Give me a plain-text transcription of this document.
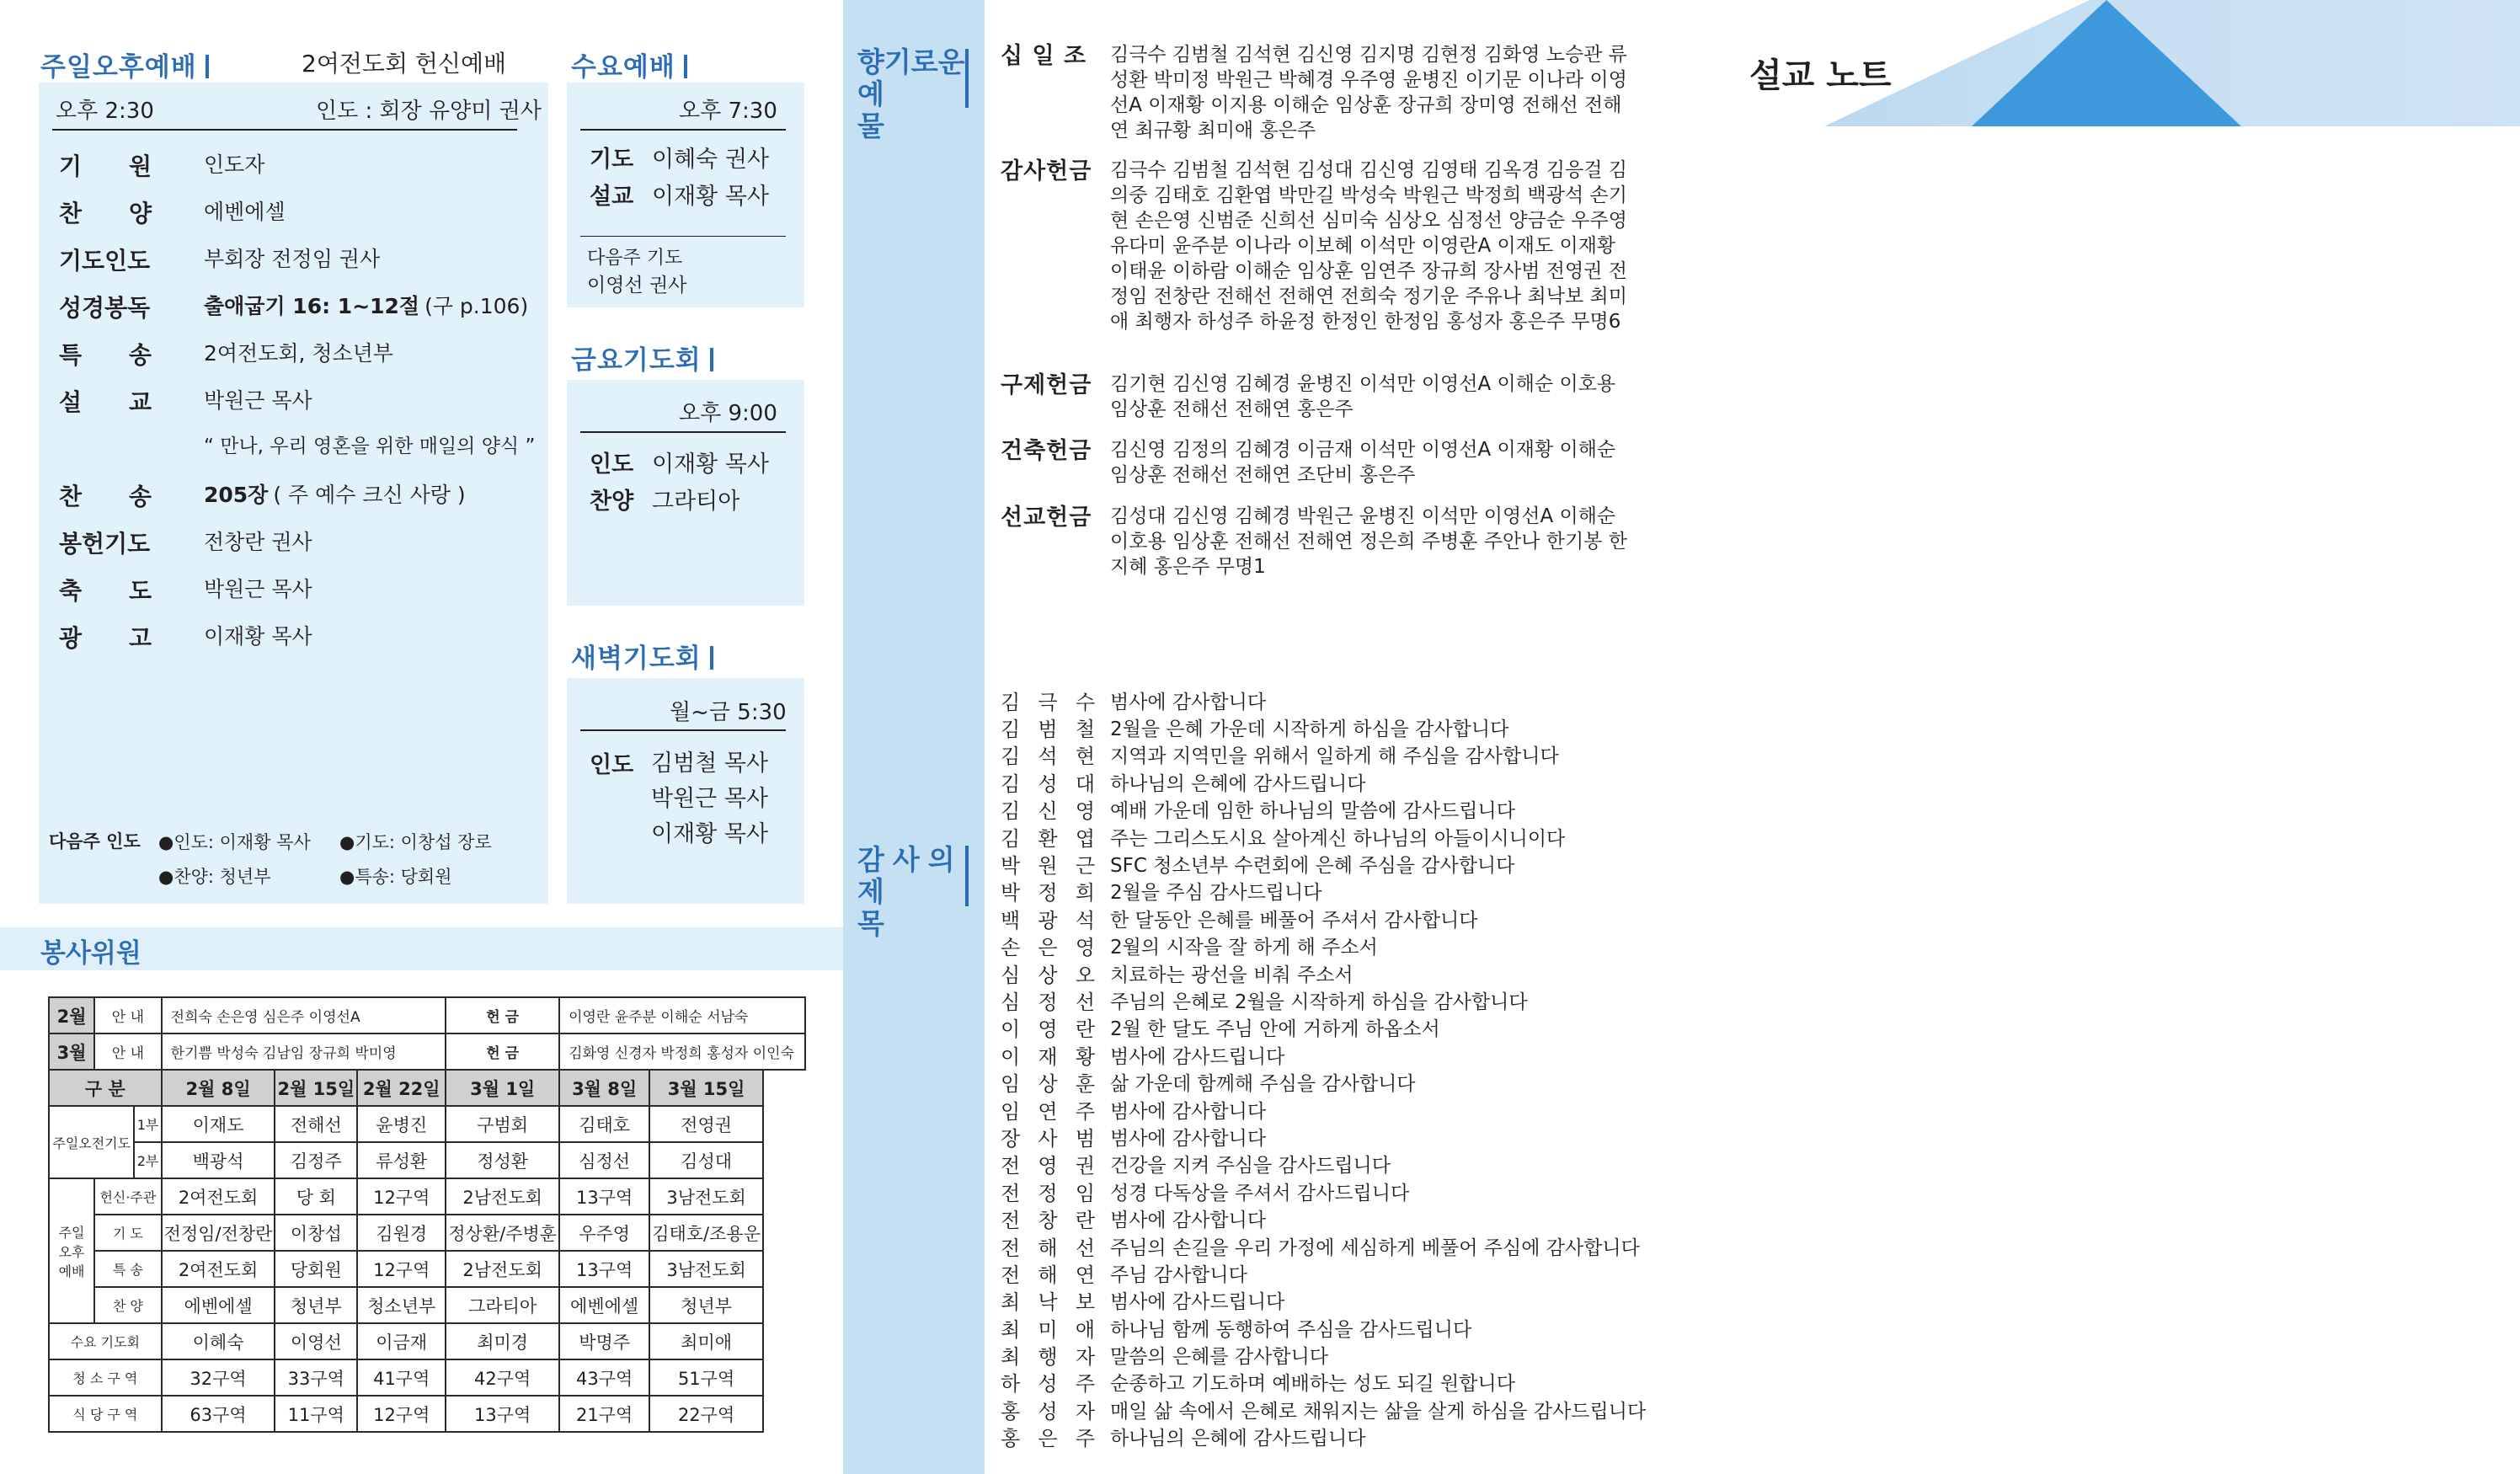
주일오후예배	2여전도회 헌신예배
오후 2:30	인도 : 회장 유양미 권사
기 원 인도자
찬 양 에벤에셀
기도인도	부회장 전정임 권사
성경봉독	출애굽기 16: 1~12절 (구 p.106)
특 송 2여전도회, 청소년부
설 교 박원근 목사
“ 만나, 우리 영혼을 위한 매일의 양식 ”
찬 송 205장 ( 주 예수 크신 사랑 )
봉헌기도	전창란 권사
축 도 박원근 목사
광 고 이재황 목사
다음주 인도 ●인도: 이재황 목사 ●기도: 이창섭 장로
●찬양: 청년부	●특송: 당회원
수요예배
오후 7:30
기도 이혜숙 권사
설교 이재황 목사
다음주 기도
이영선 권사
금요기도회
오후 9:00
인도 이재황 목사
찬양 그라티아
새벽기도회
월~금 5:30
인도 김범철 목사
박원근 목사
이재황 목사
봉사위원
2월	안 내		전희숙 손은영 심은주 이영선A			헌 금	이영란 윤주분 이해순 서남숙	
3월	안 내		한기쁨 박성숙 김남임 장규희 박미영			헌 금	김화영 신경자 박정희 홍성자 이인숙	
구 분			2월 8일	2월 15일	2월 22일	3월 1일	3월 8일	3월 15일
주일오전기도		1부	이재도	전해선	윤병진	구범회	김태호	전영권
		2부	백광석	김정주	류성환	정성환	심정선	김성대

주일
오후
예배	헌신·주관		2여전도회	당 회	12구역	2남전도회	13구역	3남전도회
	기 도		전정임/전창란	이창섭	김원경	정상환/주병훈	우주영	김태호/조용운
	특 송		2여전도회	당회원	12구역	2남전도회	13구역	3남전도회
	찬 양		에벤에셀	청년부	청소년부	그라티아	에벤에셀	청년부
수요 기도회			이혜숙	이영선	이금재	최미경	박명주	최미애
청 소 구 역			32구역	33구역	41구역	42구역	43구역	51구역
식 당 구 역			63구역	11구역	12구역	13구역	21구역	22구역
향기로운
예 물
십 일 조	김극수 김범철 김석현 김신영 김지명 김현정 김화영 노승관 류성환 박미정 박원근 박혜경 우주영 윤병진 이기문 이나라 이영선A 이재황 이지용 이해순 임상훈 장규희 장미영 전해선 전해연 최규황 최미애 홍은주
감사헌금 김극수 김범철 김석현 김성대 김신영 김영태 김옥경 김응걸 김의중 김태호 김환엽 박만길 박성숙 박원근 박정희 백광석 손기현 손은영 신범준 신희선 심미숙 심상오 심정선 양금순 우주영 유다미 윤주분 이나라 이보혜 이석만 이영란A 이재도 이재황 이태윤 이하람 이해순 임상훈 임연주 장규희 장사범 전영권 전정임 전창란 전해선 전해연 전희숙 정기운 주유나 최낙보 최미애 최행자 하성주 하윤정 한정인 한정임 홍성자 홍은주 무명6
구제헌금 김기현 김신영 김혜경 윤병진 이석만 이영선A 이해순 이호용 임상훈 전해선 전해연 홍은주
건축헌금 김신영 김정의 김혜경 이금재 이석만 이영선A 이재황 이해순 임상훈 전해선 전해연 조단비 홍은주
선교헌금 김성대 김신영 김혜경 박원근 윤병진 이석만 이영선A 이해순 이호용 임상훈 전해선 전해연 정은희 주병훈 주안나 한기봉 한지혜 홍은주 무명1
감사의
제 목
김 극 수 범사에 감사합니다
김 범 철 2월을 은혜 가운데 시작하게 하심을 감사합니다
김 석 현 지역과 지역민을 위해서 일하게 해 주심을 감사합니다
김 성 대 하나님의 은혜에 감사드립니다
김 신 영 예배 가운데 임한 하나님의 말씀에 감사드립니다
김 환 엽 주는 그리스도시요 살아계신 하나님의 아들이시니이다
박 원 근 SFC 청소년부 수련회에 은혜 주심을 감사합니다
박 정 희 2월을 주심 감사드립니다
백 광 석 한 달동안 은혜를 베풀어 주셔서 감사합니다
손 은 영 2월의 시작을 잘 하게 해 주소서
심 상 오 치료하는 광선을 비춰 주소서
심 정 선 주님의 은혜로 2월을 시작하게 하심을 감사합니다
이 영 란 2월 한 달도 주님 안에 거하게 하옵소서
이 재 황 범사에 감사드립니다
임 상 훈 삶 가운데 함께해 주심을 감사합니다
임 연 주 범사에 감사합니다
장 사 범 범사에 감사합니다
전 영 권 건강을 지켜 주심을 감사드립니다
전 정 임 성경 다독상을 주셔서 감사드립니다
전 창 란 범사에 감사합니다
전 해 선 주님의 손길을 우리 가정에 세심하게 베풀어 주심에 감사합니다
전 해 연 주님 감사합니다
최 낙 보 범사에 감사드립니다
최 미 애 하나님 함께 동행하여 주심을 감사드립니다
최 행 자 말씀의 은혜를 감사합니다
하 성 주 순종하고 기도하며 예배하는 성도 되길 원합니다
홍 성 자 매일 삶 속에서 은혜로 채워지는 삶을 살게 하심을 감사드립니다
홍 은 주 하나님의 은혜에 감사드립니다
설교 노트
